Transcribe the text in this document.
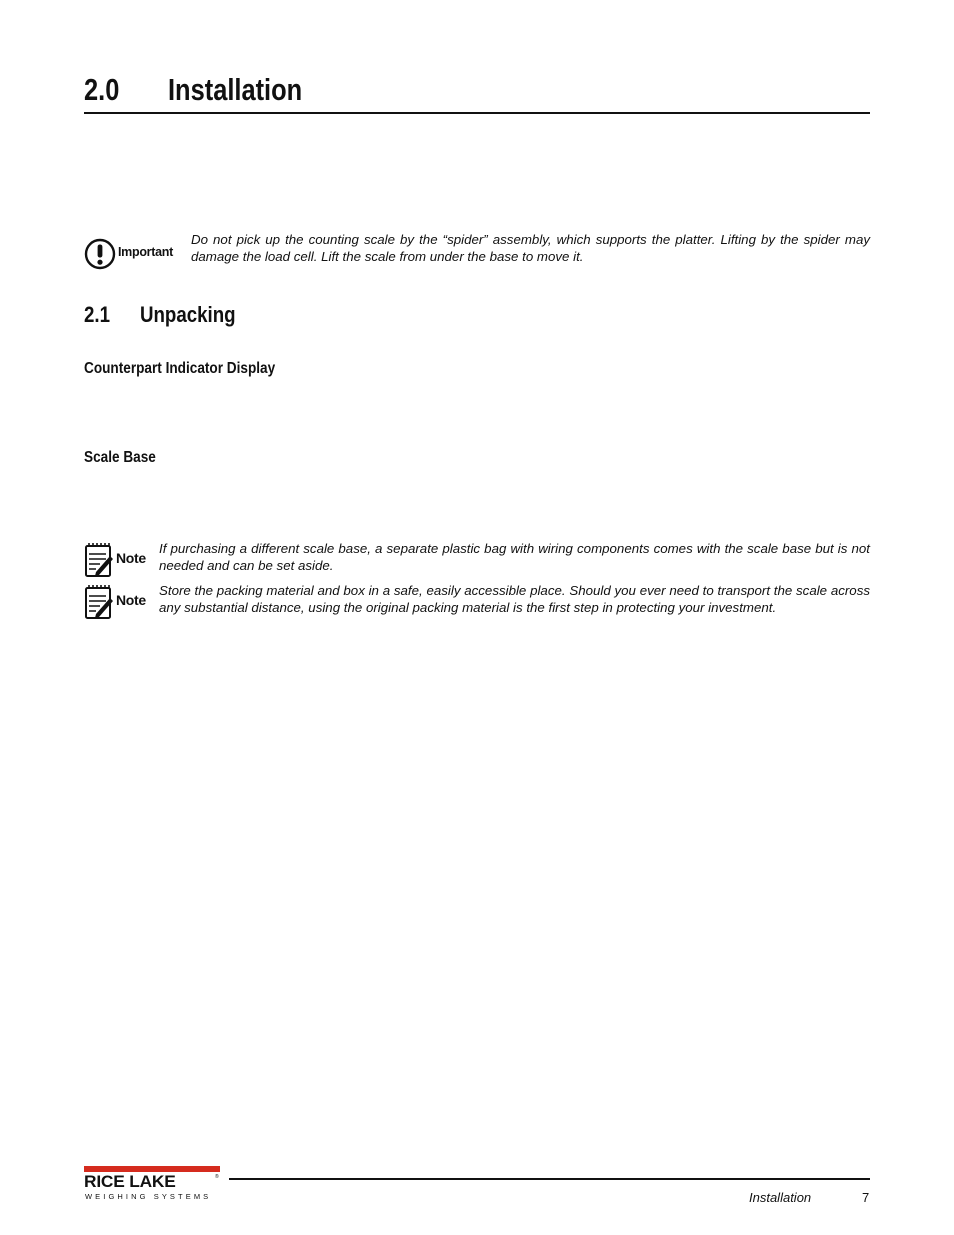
2.0 Installation
Important
Do not pick up the counting scale by the “spider” assembly, which supports the platter. Lifting by the spider may damage the load cell. Lift the scale from under the base to move it.
2.1 Unpacking
Counterpart Indicator Display
Scale Base
Note
If purchasing a different scale base, a separate plastic bag with wiring components comes with the scale base but is not needed and can be set aside.
Note
Store the packing material and box in a safe, easily accessible place. Should you ever need to transport the scale across any substantial distance, using the original packing material is the first step in protecting your investment.
RICE LAKE	®
WEIGHING SYSTEMS	Installation	7
